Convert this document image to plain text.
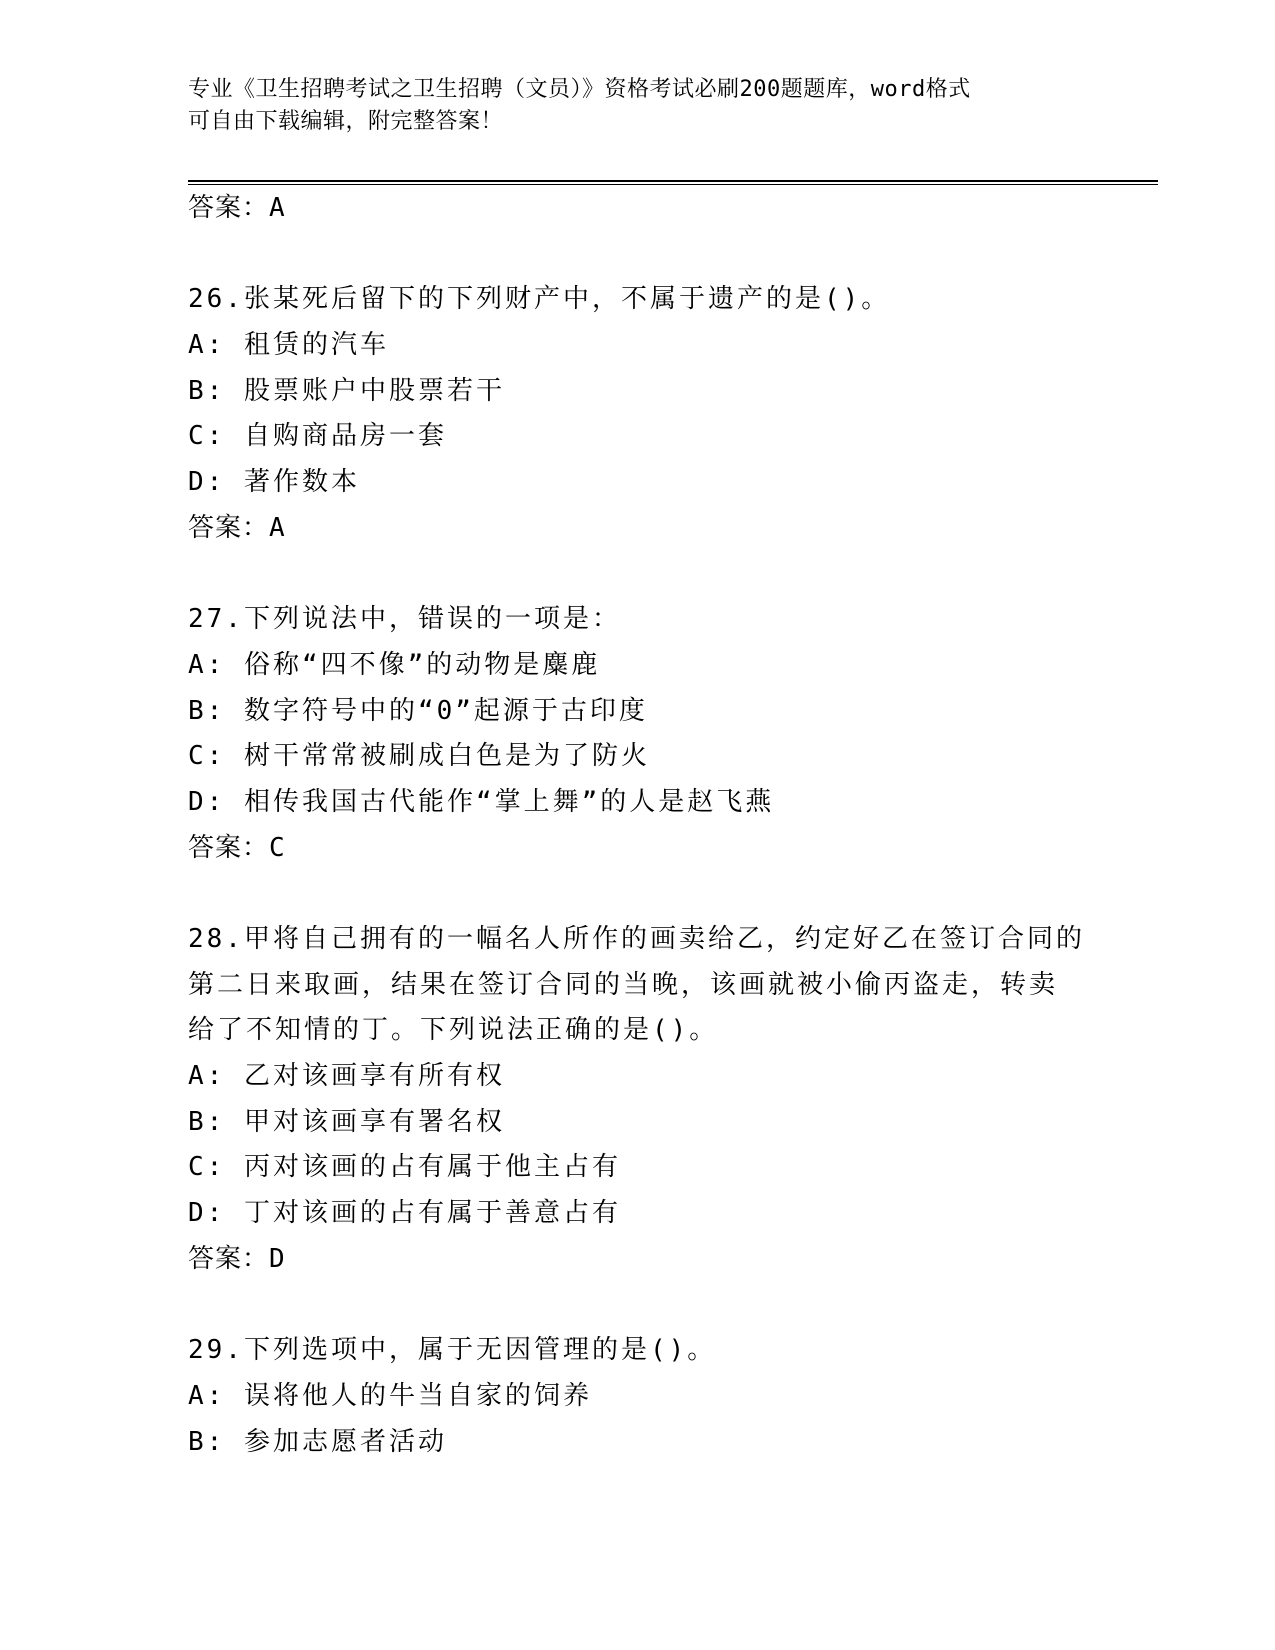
专业《卫生招聘考试之卫生招聘（文员）》资格考试必刷200题题库，word格式
可自由下载编辑，附完整答案！
答案：A
26.张某死后留下的下列财产中，不属于遗产的是()。
A: 租赁的汽车
B: 股票账户中股票若干
C: 自购商品房一套
D: 著作数本
答案：A
27.下列说法中，错误的一项是：
A: 俗称“四不像”的动物是麋鹿
B: 数字符号中的“0”起源于古印度
C: 树干常常被刷成白色是为了防火
D: 相传我国古代能作“掌上舞”的人是赵飞燕
答案：C
28.甲将自己拥有的一幅名人所作的画卖给乙，约定好乙在签订合同的
第二日来取画，结果在签订合同的当晚，该画就被小偷丙盗走，转卖
给了不知情的丁。下列说法正确的是()。
A: 乙对该画享有所有权
B: 甲对该画享有署名权
C: 丙对该画的占有属于他主占有
D: 丁对该画的占有属于善意占有
答案：D
29.下列选项中，属于无因管理的是()。
A: 误将他人的牛当自家的饲养
B: 参加志愿者活动
